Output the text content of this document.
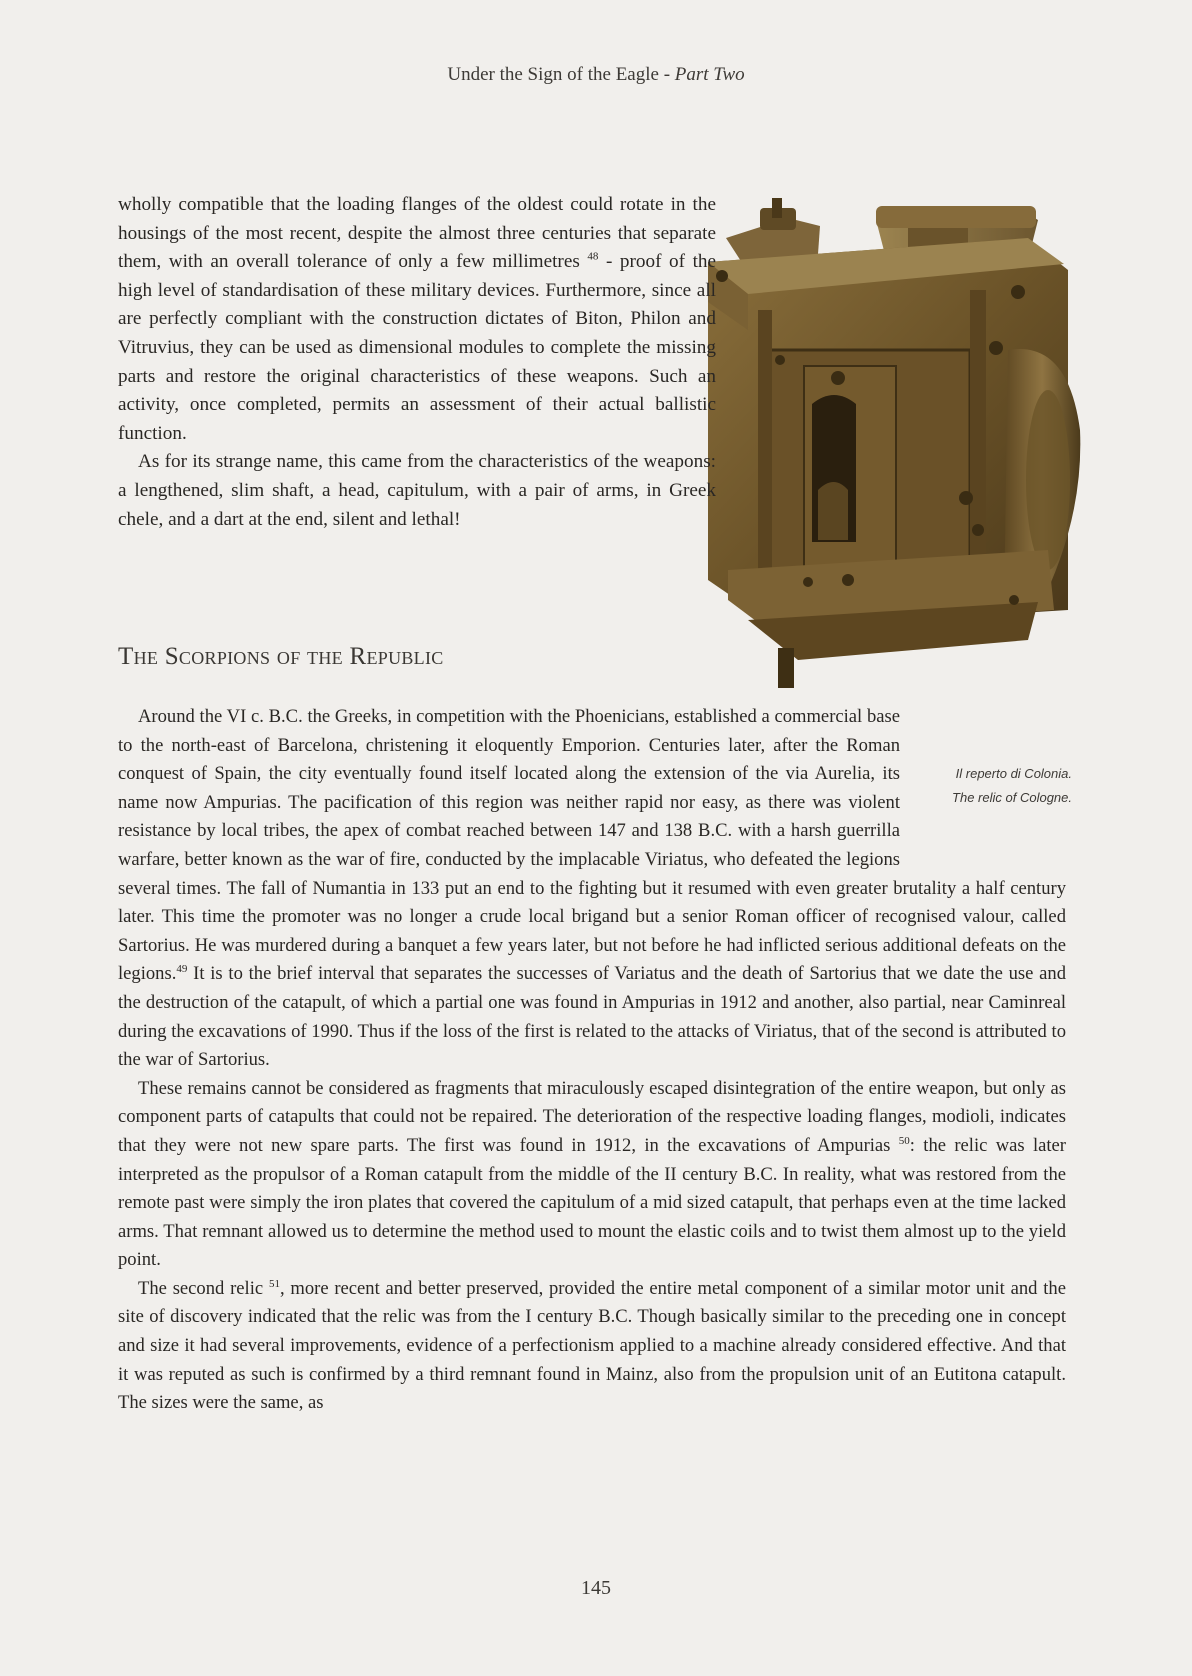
Under the Sign of the Eagle - Part Two
Il reperto di Colonia.
The relic of Cologne.

wholly compatible that the loading flanges of the oldest could rotate in the housings of the most recent, despite the almost three centuries that separate them, with an overall tolerance of only a few millimetres $^{48}$ - proof of the high level of standardisation of these military devices. Furthermore, since all are perfectly compliant with the construction dictates of Biton, Philon and Vitruvius, they can be used as dimensional modules to complete the missing parts and restore the original characteristics of these weapons. Such an activity, once completed, permits an assessment of their actual ballistic function.

As for its strange name, this came from the characteristics of the weapons: a lengthened, slim shaft, a head, capitulum, with a pair of arms, in Greek chele, and a dart at the end, silent and lethal!

The Scorpions of the Republic

Around the VI c. B.C. the Greeks, in competition with the Phoenicians, established a commercial base to the north-east of Barcelona, christening it eloquently Emporion. Centuries later, after the Roman conquest of Spain, the city eventually found itself located along the extension of the via Aurelia, its name now Ampurias. The pacification of this region was neither rapid nor easy, as there was violent resistance by local tribes, the apex of combat reached between 147 and 138 B.C. with a harsh guerrilla warfare, better known as the war of fire, conducted by the implacable Viriatus, who defeated the legions several times. The fall of Numantia in 133 put an end to the fighting but it resumed with even greater brutality a half century later. This time the promoter was no longer a crude local brigand but a senior Roman officer of recognised valour, called Sartorius. He was murdered during a banquet a few years later, but not before he had inflicted serious additional defeats on the legions.$^{49}$ It is to the brief interval that separates the successes of Variatus and the death of Sartorius that we date the use and the destruction of the catapult, of which a partial one was found in Ampurias in 1912 and another, also partial, near Caminreal during the excavations of 1990. Thus if the loss of the first is related to the attacks of Viriatus, that of the second is attributed to the war of Sartorius.

These remains cannot be considered as fragments that miraculously escaped disintegration of the entire weapon, but only as component parts of catapults that could not be repaired. The deterioration of the respective loading flanges, modioli, indicates that they were not new spare parts. The first was found in 1912, in the excavations of Ampurias $^{50}$: the relic was later interpreted as the propulsor of a Roman catapult from the middle of the II century B.C. In reality, what was restored from the remote past were simply the iron plates that covered the capitulum of a mid sized catapult, that perhaps even at the time lacked arms. That remnant allowed us to determine the method used to mount the elastic coils and to twist them almost up to the yield point.

The second relic $^{51}$, more recent and better preserved, provided the entire metal component of a similar motor unit and the site of discovery indicated that the relic was from the I century B.C. Though basically similar to the preceding one in concept and size it had several improvements, evidence of a perfectionism applied to a machine already considered effective. And that it was reputed as such is confirmed by a third remnant found in Mainz, also from the propulsion unit of an Eutitona catapult. The sizes were the same, as

145
